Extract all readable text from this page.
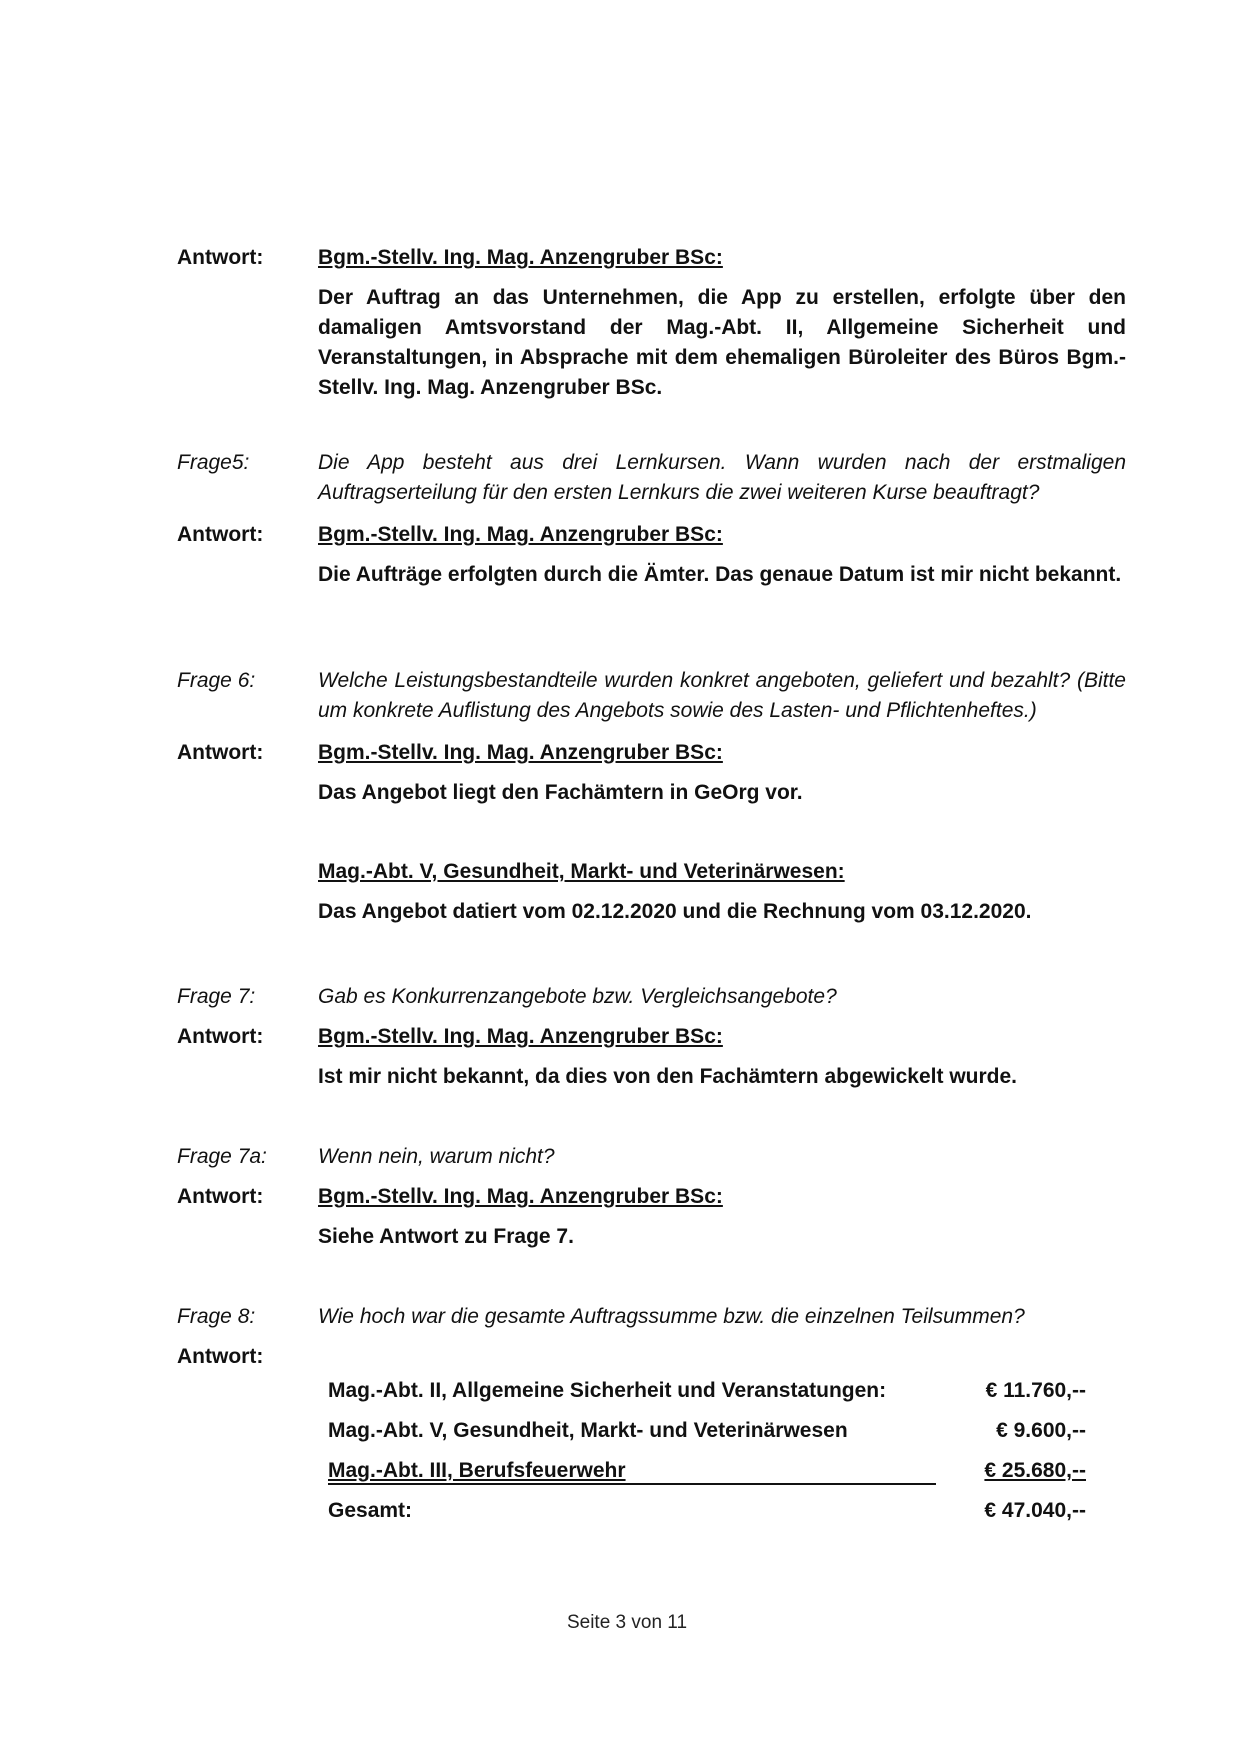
Antwort:	Bgm.-Stellv. Ing. Mag. Anzengruber BSc:
Der Auftrag an das Unternehmen, die App zu erstellen, erfolgte über den damaligen Amtsvorstand der Mag.-Abt. II, Allgemeine Sicherheit und Veranstaltungen, in Absprache mit dem ehemaligen Büroleiter des Büros Bgm.-Stellv. Ing. Mag. Anzengruber BSc.
Frage5:	Die App besteht aus drei Lernkursen. Wann wurden nach der erstmaligen Auftragserteilung für den ersten Lernkurs die zwei weiteren Kurse beauftragt?
Antwort:	Bgm.-Stellv. Ing. Mag. Anzengruber BSc:
Die Aufträge erfolgten durch die Ämter. Das genaue Datum ist mir nicht bekannt.
Frage 6:	Welche Leistungsbestandteile wurden konkret angeboten, geliefert und bezahlt? (Bitte um konkrete Auflistung des Angebots sowie des Lasten- und Pflichtenheftes.)
Antwort:	Bgm.-Stellv. Ing. Mag. Anzengruber BSc:
Das Angebot liegt den Fachämtern in GeOrg vor.
Mag.-Abt. V, Gesundheit, Markt- und Veterinärwesen:
Das Angebot datiert vom 02.12.2020 und die Rechnung vom 03.12.2020.
Frage 7:	Gab es Konkurrenzangebote bzw. Vergleichsangebote?
Antwort:	Bgm.-Stellv. Ing. Mag. Anzengruber BSc:
Ist mir nicht bekannt, da dies von den Fachämtern abgewickelt wurde.
Frage 7a: Wenn nein, warum nicht?
Antwort:	Bgm.-Stellv. Ing. Mag. Anzengruber BSc:
Siehe Antwort zu Frage 7.
Frage 8:	Wie hoch war die gesamte Auftragssumme bzw. die einzelnen Teilsummen?
Antwort:
Mag.-Abt. II, Allgemeine Sicherheit und Veranstatungen:	€ 11.760,--
Mag.-Abt. V, Gesundheit, Markt- und Veterinärwesen	€ 9.600,--
Mag.-Abt. III, Berufsfeuerwehr	€ 25.680,--
Gesamt:	€ 47.040,--
Seite 3 von 11
